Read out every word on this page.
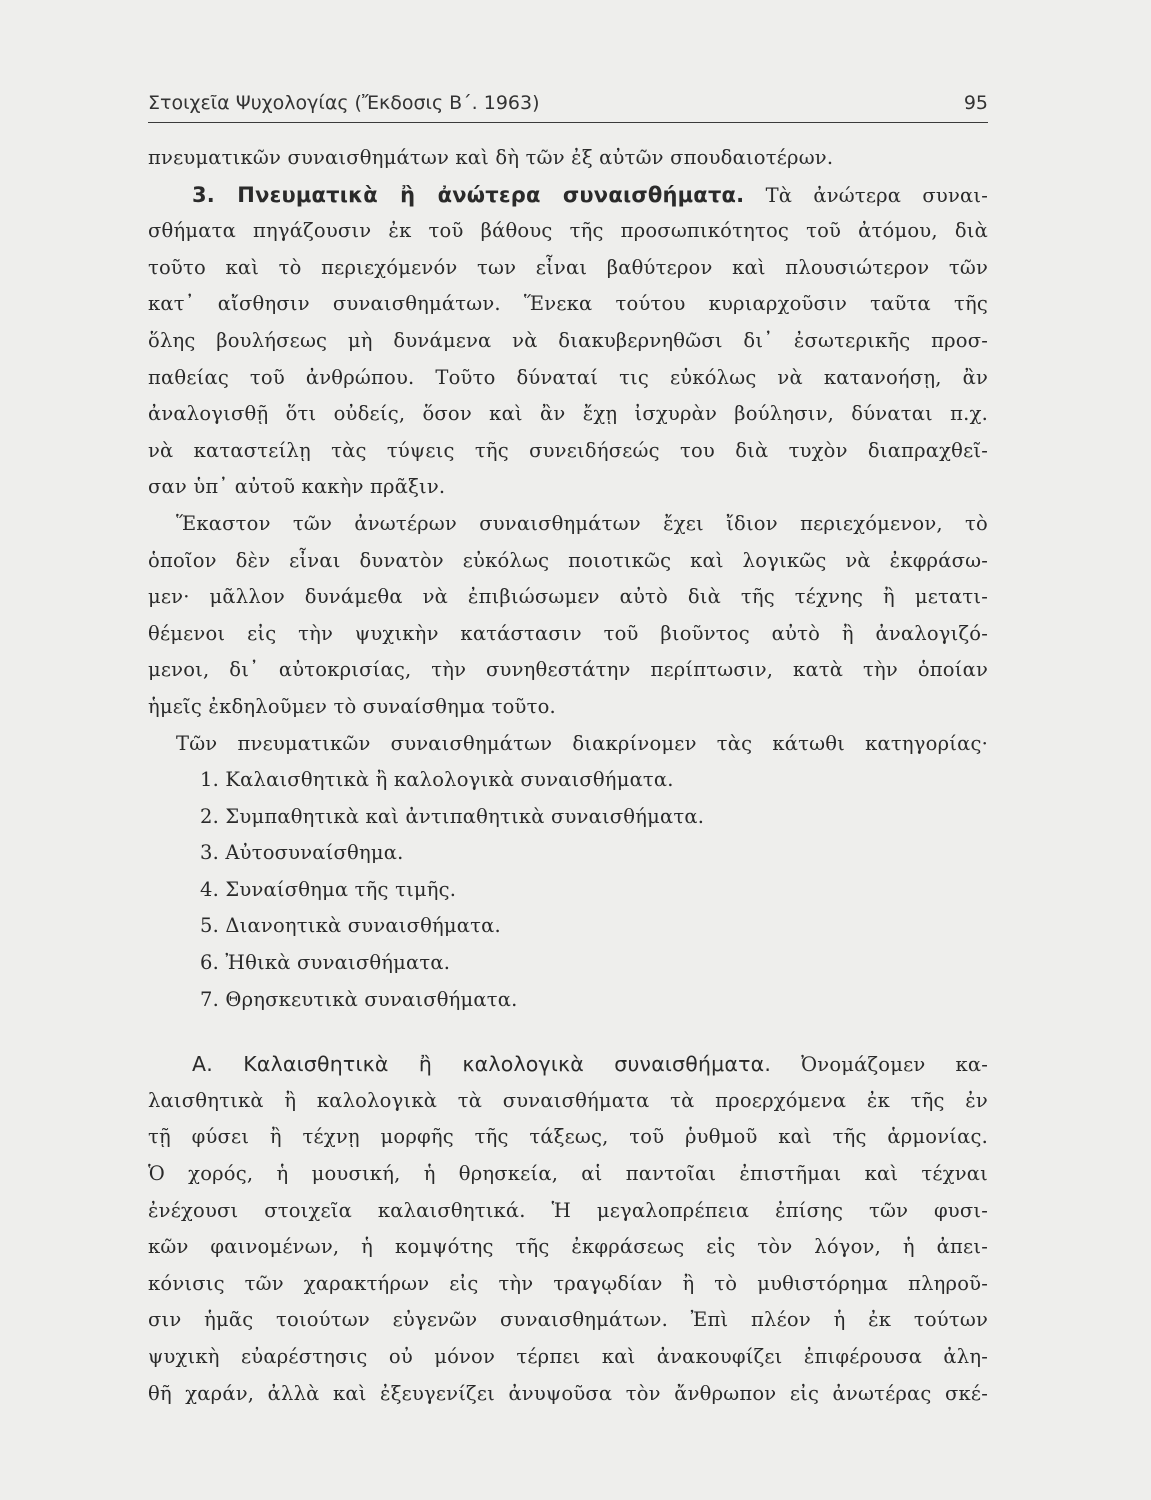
Στοιχεῖα Ψυχολογίας (Ἔκδοσις Β΄. 1963)	95
πνευματικῶν συναισθημάτων καὶ δὴ τῶν ἐξ αὐτῶν σπουδαιοτέρων.
3. Πνευματικὰ ἢ ἀνώτερα συναισθήματα. Τὰ ἀνώτερα συναι-
σθήματα πηγάζουσιν ἐκ τοῦ βάθους τῆς προσωπικότητος τοῦ ἀτόμου, διὰ
τοῦτο καὶ τὸ περιεχόμενόν των εἶναι βαθύτερον καὶ πλουσιώτερον τῶν
κατ᾽ αἴσθησιν συναισθημάτων. Ἕνεκα τούτου κυριαρχοῦσιν ταῦτα τῆς
ὅλης βουλήσεως μὴ δυνάμενα νὰ διακυβερνηθῶσι δι᾽ ἐσωτερικῆς προσ-
παθείας τοῦ ἀνθρώπου. Τοῦτο δύναταί τις εὐκόλως νὰ κατανοήσῃ, ἂν
ἀναλογισθῇ ὅτι οὐδείς, ὅσον καὶ ἂν ἔχῃ ἰσχυρὰν βούλησιν, δύναται π.χ.
νὰ καταστείλῃ τὰς τύψεις τῆς συνειδήσεώς του διὰ τυχὸν διαπραχθεῖ-
σαν ὑπ᾽ αὐτοῦ κακὴν πρᾶξιν.
Ἕκαστον τῶν ἀνωτέρων συναισθημάτων ἔχει ἴδιον περιεχόμενον, τὸ
ὁποῖον δὲν εἶναι δυνατὸν εὐκόλως ποιοτικῶς καὶ λογικῶς νὰ ἐκφράσω-
μεν· μᾶλλον δυνάμεθα νὰ ἐπιβιώσωμεν αὐτὸ διὰ τῆς τέχνης ἢ μετατι-
θέμενοι εἰς τὴν ψυχικὴν κατάστασιν τοῦ βιοῦντος αὐτὸ ἢ ἀναλογιζό-
μενοι, δι᾽ αὐτοκρισίας, τὴν συνηθεστάτην περίπτωσιν, κατὰ τὴν ὁποίαν
ἡμεῖς ἐκδηλοῦμεν τὸ συναίσθημα τοῦτο.
Τῶν πνευματικῶν συναισθημάτων διακρίνομεν τὰς κάτωθι κατηγορίας·
1. Καλαισθητικὰ ἢ καλολογικὰ συναισθήματα.
2. Συμπαθητικὰ καὶ ἀντιπαθητικὰ συναισθήματα.
3. Αὐτοσυναίσθημα.
4. Συναίσθημα τῆς τιμῆς.
5. Διανοητικὰ συναισθήματα.
6. Ἠθικὰ συναισθήματα.
7. Θρησκευτικὰ συναισθήματα.
Α. Καλαισθητικὰ ἢ καλολογικὰ συναισθήματα. Ὀνομάζομεν κα-
λαισθητικὰ ἢ καλολογικὰ τὰ συναισθήματα τὰ προερχόμενα ἐκ τῆς ἐν
τῇ φύσει ἢ τέχνῃ μορφῆς τῆς τάξεως, τοῦ ῥυθμοῦ καὶ τῆς ἁρμονίας.
Ὁ χορός, ἡ μουσική, ἡ θρησκεία, αἱ παντοῖαι ἐπιστῆμαι καὶ τέχναι
ἐνέχουσι στοιχεῖα καλαισθητικά. Ἡ μεγαλοπρέπεια ἐπίσης τῶν φυσι-
κῶν φαινομένων, ἡ κομψότης τῆς ἐκφράσεως εἰς τὸν λόγον, ἡ ἀπει-
κόνισις τῶν χαρακτήρων εἰς τὴν τραγῳδίαν ἢ τὸ μυθιστόρημα πληροῦ-
σιν ἡμᾶς τοιούτων εὐγενῶν συναισθημάτων. Ἐπὶ πλέον ἡ ἐκ τούτων
ψυχικὴ εὐαρέστησις οὐ μόνον τέρπει καὶ ἀνακουφίζει ἐπιφέρουσα ἀλη-
θῆ χαράν, ἀλλὰ καὶ ἐξευγενίζει ἀνυψοῦσα τὸν ἄνθρωπον εἰς ἀνωτέρας σκέ-
